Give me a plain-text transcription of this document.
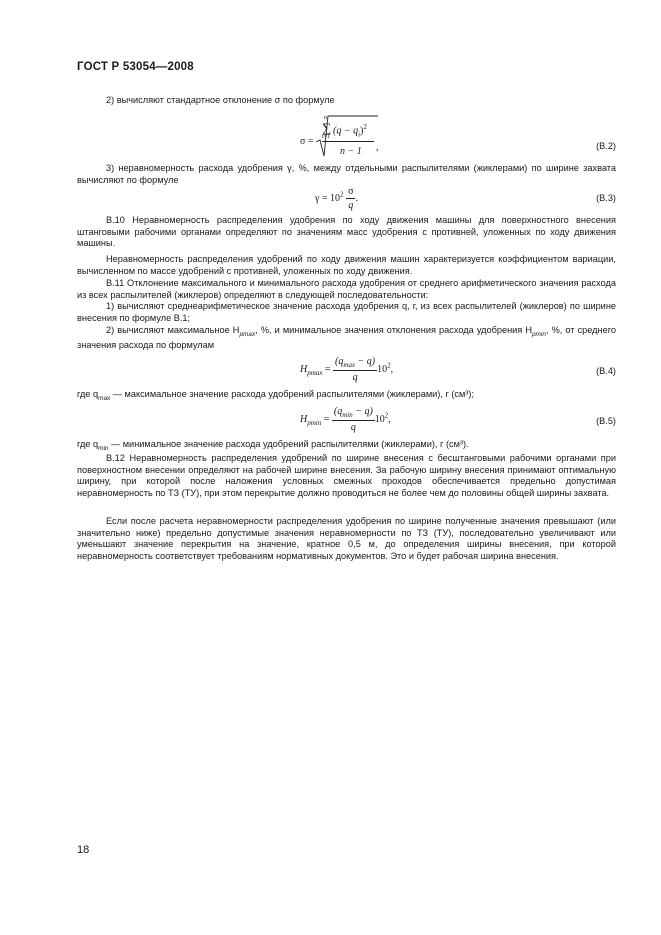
ГОСТ Р 53054—2008
2) вычисляют стандартное отклонение σ по формуле
σ =
n
∑
i=1
$(q - q_i)^2$
n − 1 ,	(В.2)
3) неравномерность расхода удобрения γ, %, между отдельными распылителями (жиклерами) по ширине захвата вычисляют по формуле
$\gamma = 10^2 \frac{\sigma}{q}$ .	(В.3)
В.10 Неравномерность распределения удобрения по ходу движения машины для поверхностного внесения штанговыми рабочими органами определяют по значениям масс удобрения с противней, уложенных по ходу движения машины.
Неравномерность распределения удобрений по ходу движения машин характеризуется коэффициентом вариации, вычисленном по массе удобрений с противней, уложенных по ходу движения.
В.11 Отклонение максимального и минимального расхода удобрения от среднего арифметического значения расхода из всех распылителей (жиклеров) определяют в следующей последовательности:
1) вычисляют среднеарифметическое значение расхода удобрения q, г, из всех распылителей (жиклеров) по ширине внесения по формуле В.1;
2) вычисляют максимальное $H_{pmax}$, %, и минимальное значения отклонения расхода удобрения $H_{pmin}$, %, от среднего значения расхода по формулам
$H_{pmax} = \frac{(q_{max} - q)}{q} 10^2$,	(В.4)
где $q_{max}$ — максимальное значение расхода удобрений распылителями (жиклерами), г (см³);
$H_{pmin} = \frac{(q_{min} - q)}{q} 10^2$,	(В.5)
где $q_{min}$ — минимальное значение расхода удобрений распылителями (жиклерами), г (см³).
В.12 Неравномерность распределения удобрений по ширине внесения с бесштанговыми рабочими органами при поверхностном внесении определяют на рабочей ширине внесения. За рабочую ширину внесения принимают оптимальную ширину, при которой после наложения условных смежных проходов обеспечивается предельно допустимая неравномерность по ТЗ (ТУ), при этом перекрытие должно проводиться не более чем до половины общей ширины захвата.
Если после расчета неравномерности распределения удобрения по ширине полученные значения превышают (или значительно ниже) предельно допустимые значения неравномерности по ТЗ (ТУ), последовательно увеличивают или уменьшают значение перекрытия на значение, кратное 0,5 м, до определения ширины внесения, при которой неравномерность соответствует требованиям нормативных документов. Это и будет рабочая ширина внесения.
18
